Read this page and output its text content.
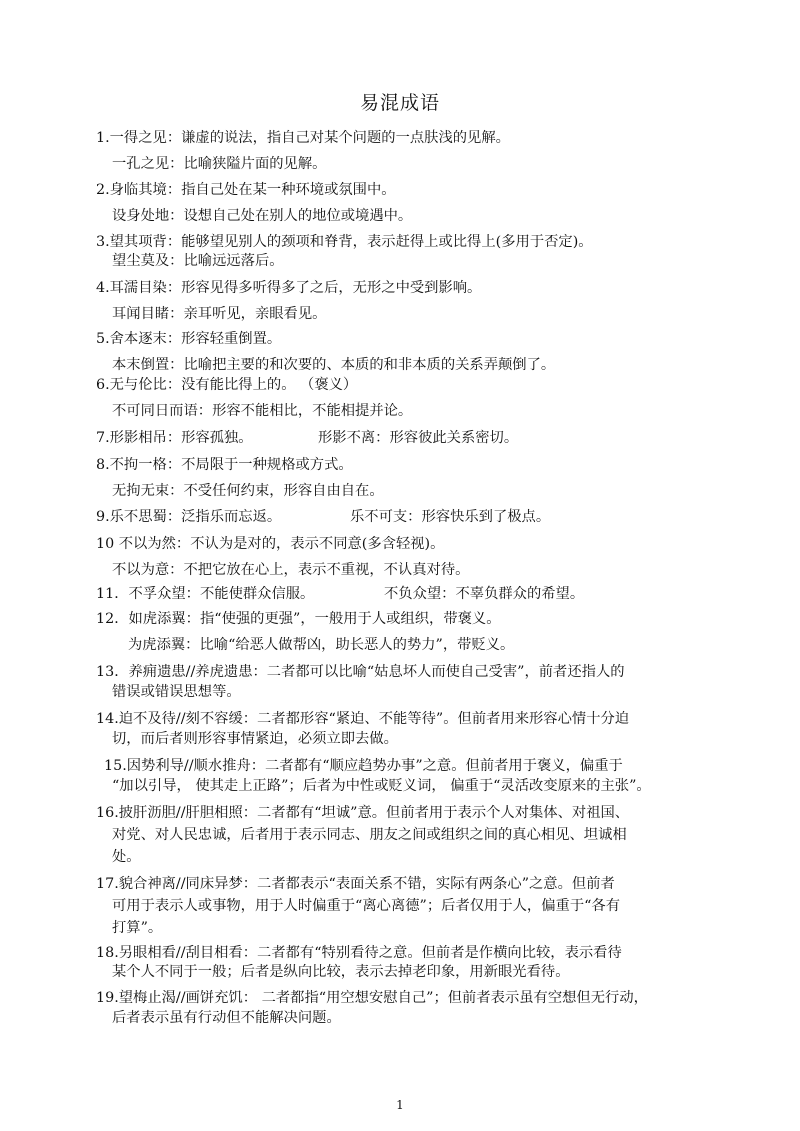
易混成语
1.一得之见：谦虚的说法，指自己对某个问题的一点肤浅的见解。
一孔之见：比喻狭隘片面的见解。
2.身临其境：指自己处在某一种环境或氛围中。
设身处地：设想自己处在别人的地位或境遇中。
3.望其项背：能够望见别人的颈项和脊背，表示赶得上或比得上(多用于否定)。
望尘莫及：比喻远远落后。
4.耳濡目染：形容见得多听得多了之后，无形之中受到影响。
耳闻目睹：亲耳听见，亲眼看见。
5.舍本逐末：形容轻重倒置。
本末倒置：比喻把主要的和次要的、本质的和非本质的关系弄颠倒了。
6.无与伦比：没有能比得上的。 （褒义）
不可同日而语：形容不能相比，不能相提并论。
7.形影相吊：形容孤独。	形影不离：形容彼此关系密切。
8.不拘一格：不局限于一种规格或方式。
无拘无束：不受任何约束，形容自由自在。
9.乐不思蜀：泛指乐而忘返。	乐不可支：形容快乐到了极点。
10 不以为然：不认为是对的，表示不同意(多含轻视)。
不以为意：不把它放在心上，表示不重视，不认真对待。
11．不孚众望：不能使群众信服。	不负众望：不辜负群众的希望。
12．如虎添翼：指“使强的更强”，一般用于人或组织，带褒义。
为虎添翼：比喻“给恶人做帮凶，助长恶人的势力”，带贬义。
13．养痈遗患//养虎遗患：二者都可以比喻“姑息坏人而使自己受害”，前者还指人的
错误或错误思想等。
14.迫不及待//刻不容缓：二者都形容“紧迫、不能等待”。但前者用来形容心情十分迫
切，而后者则形容事情紧迫，必须立即去做。
15.因势利导//顺水推舟：二者都有“顺应趋势办事”之意。但前者用于褒义，偏重于
“加以引导， 使其走上正路”；后者为中性或贬义词， 偏重于“灵活改变原来的主张”。
16.披肝沥胆//肝胆相照：二者都有“坦诚”意。但前者用于表示个人对集体、对祖国、
对党、对人民忠诚，后者用于表示同志、朋友之间或组织之间的真心相见、坦诚相
处。
17.貌合神离//同床异梦：二者都表示“表面关系不错，实际有两条心”之意。但前者
可用于表示人或事物，用于人时偏重于“离心离德”；后者仅用于人，偏重于“各有
打算”。
18.另眼相看//刮目相看：二者都有“特别看待之意。但前者是作横向比较，表示看待
某个人不同于一般；后者是纵向比较，表示去掉老印象，用新眼光看待。
19.望梅止渴//画饼充饥： 二者都指“用空想安慰自己”；但前者表示虽有空想但无行动，
后者表示虽有行动但不能解决问题。
1
